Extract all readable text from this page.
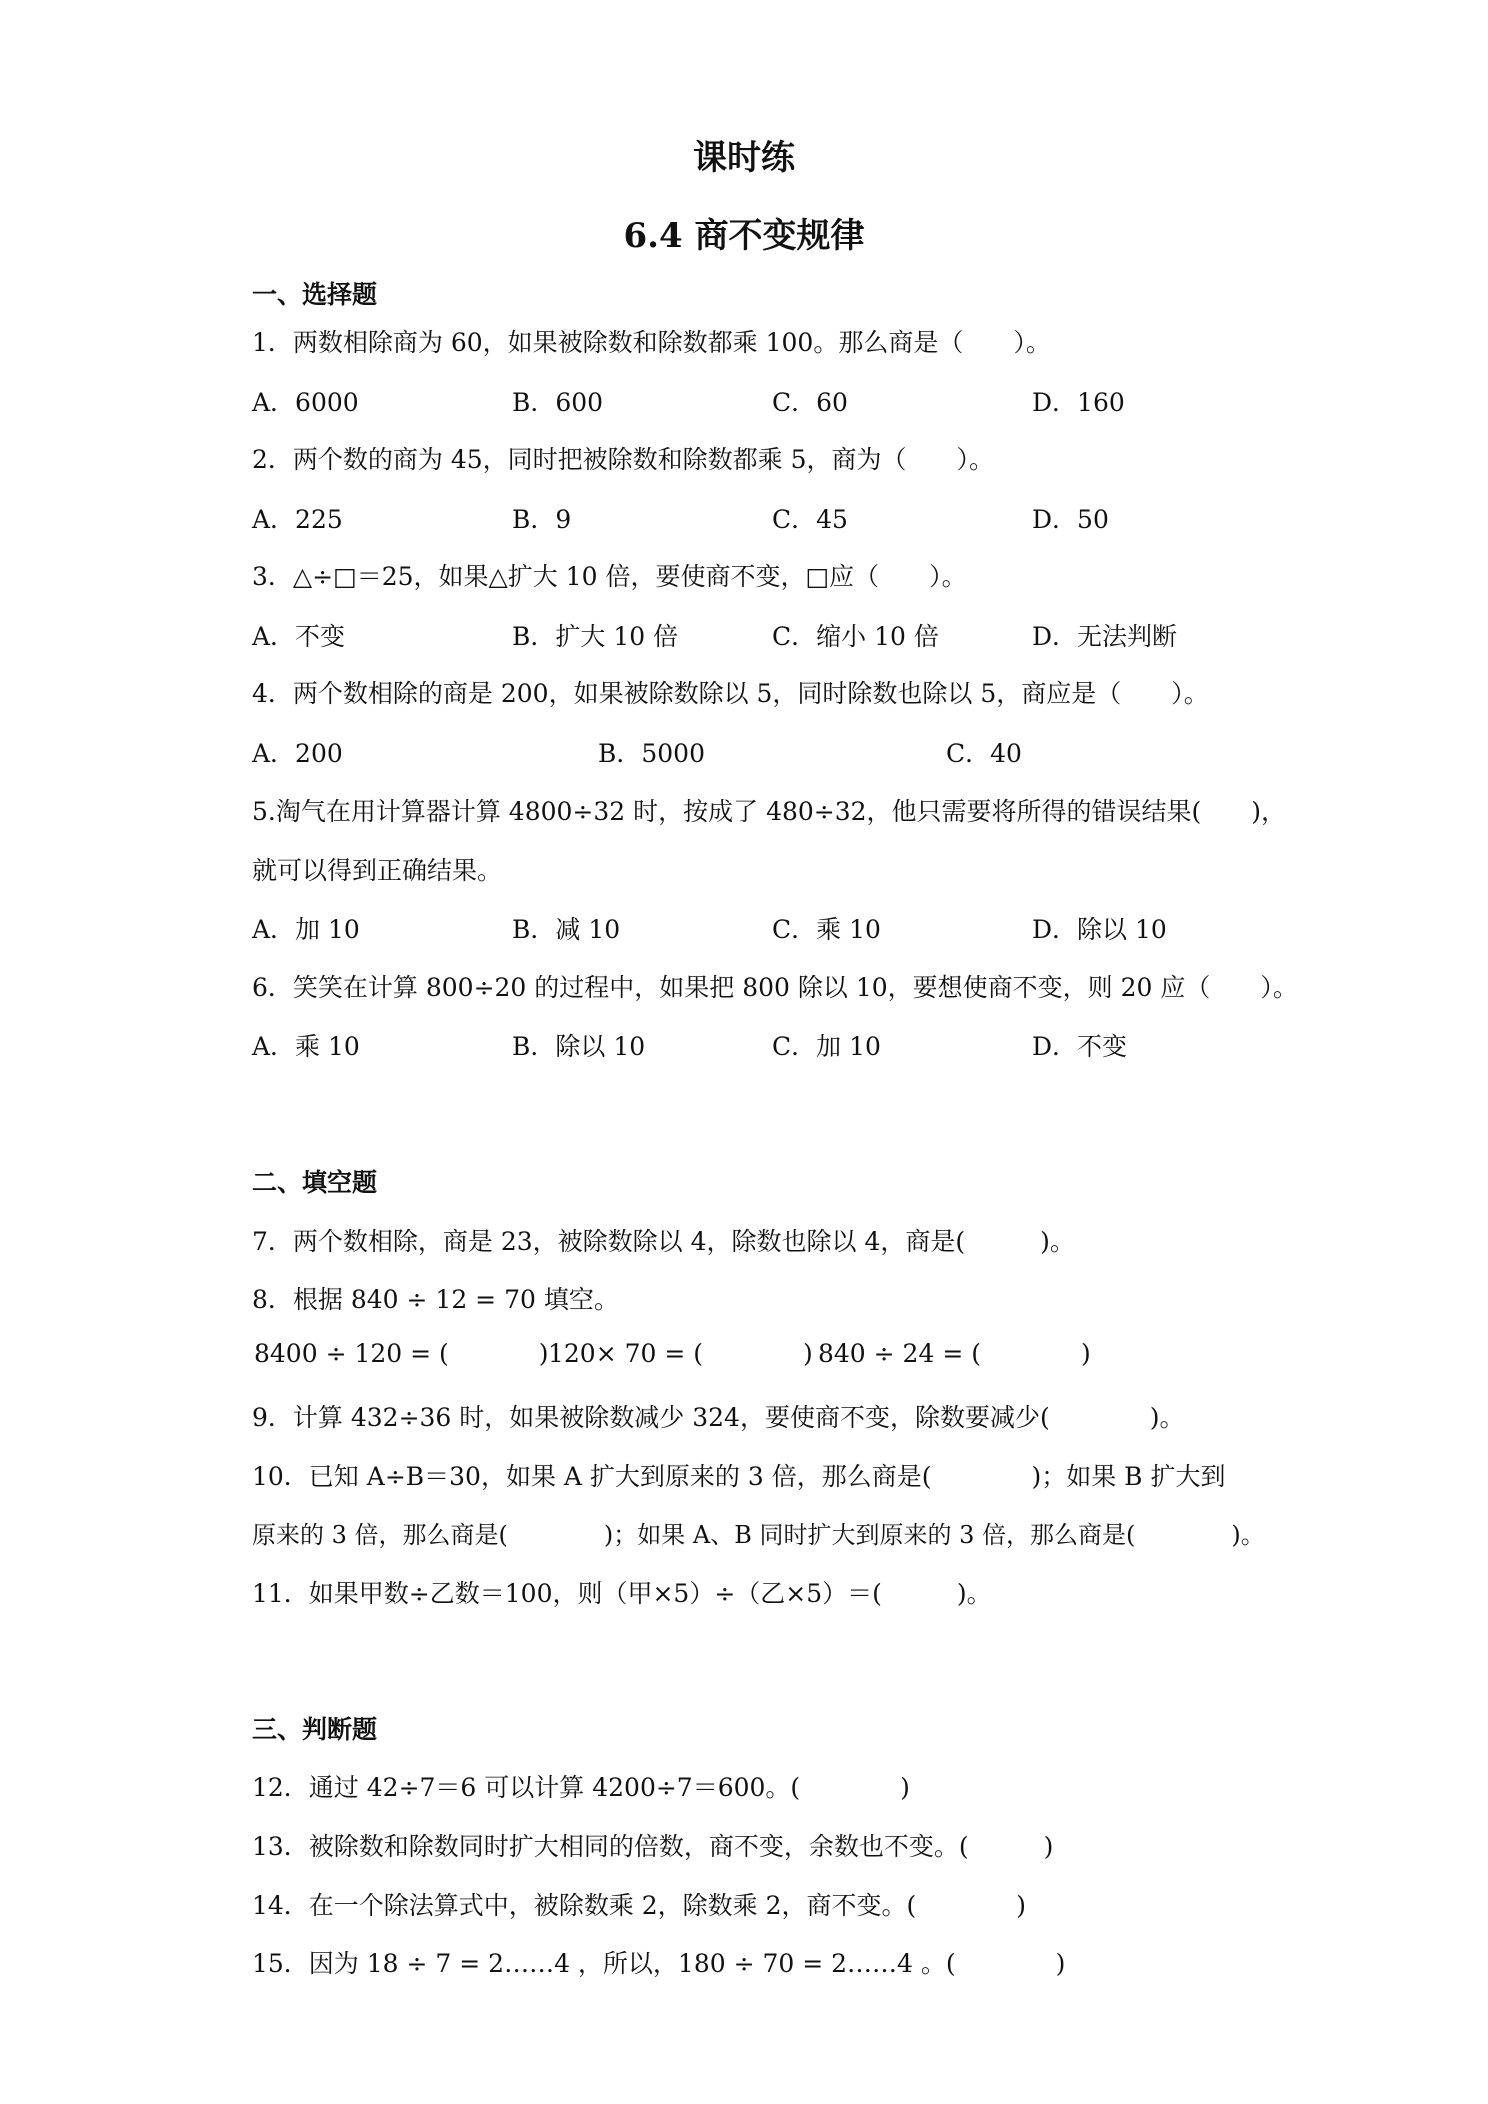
课时练
6.4 商不变规律
一、选择题
1．两数相除商为 60，如果被除数和除数都乘 100。那么商是（　　）。
A．6000	B．600	C．60	D．160
2．两个数的商为 45，同时把被除数和除数都乘 5，商为（　　）。
A．225	B．9	C．45	D．50
3．△÷□＝25，如果△扩大 10 倍，要使商不变，□应（　　）。
A．不变	B．扩大 10 倍	C．缩小 10 倍	D．无法判断
4．两个数相除的商是 200，如果被除数除以 5，同时除数也除以 5，商应是（　　）。
A．200	B．5000	C．40
5.淘气在用计算器计算 4800÷32 时，按成了 480÷32，他只需要将所得的错误结果(　　)，
就可以得到正确结果。
A．加 10	B．减 10	C．乘 10	D．除以 10
6．笑笑在计算 800÷20 的过程中，如果把 800 除以 10，要想使商不变，则 20 应（　　）。
A．乘 10	B．除以 10	C．加 10	D．不变
二、填空题
7．两个数相除，商是 23，被除数除以 4，除数也除以 4，商是(　　　)。
8．根据 840 ÷ 12 = 70 填空。
8400 ÷ 120 = (	) 120× 70 = (	) 840 ÷ 24 = (	)
9．计算 432÷36 时，如果被除数减少 324，要使商不变，除数要减少(　　　　)。
10．已知 A÷B＝30，如果 A 扩大到原来的 3 倍，那么商是(　　　　)；如果 B 扩大到
原来的 3 倍，那么商是(　　　　)；如果 A、B 同时扩大到原来的 3 倍，那么商是(　　　　)。
11．如果甲数÷乙数＝100，则（甲×5）÷（乙×5）＝(　　　)。
三、判断题
12．通过 42÷7＝6 可以计算 4200÷7＝600。(　　　　)
13．被除数和除数同时扩大相同的倍数，商不变，余数也不变。(　　　)
14．在一个除法算式中，被除数乘 2，除数乘 2，商不变。(　　　　)
15．因为 18 ÷ 7 = 2……4 ，所以，180 ÷ 70 = 2……4 。(　　　　)
